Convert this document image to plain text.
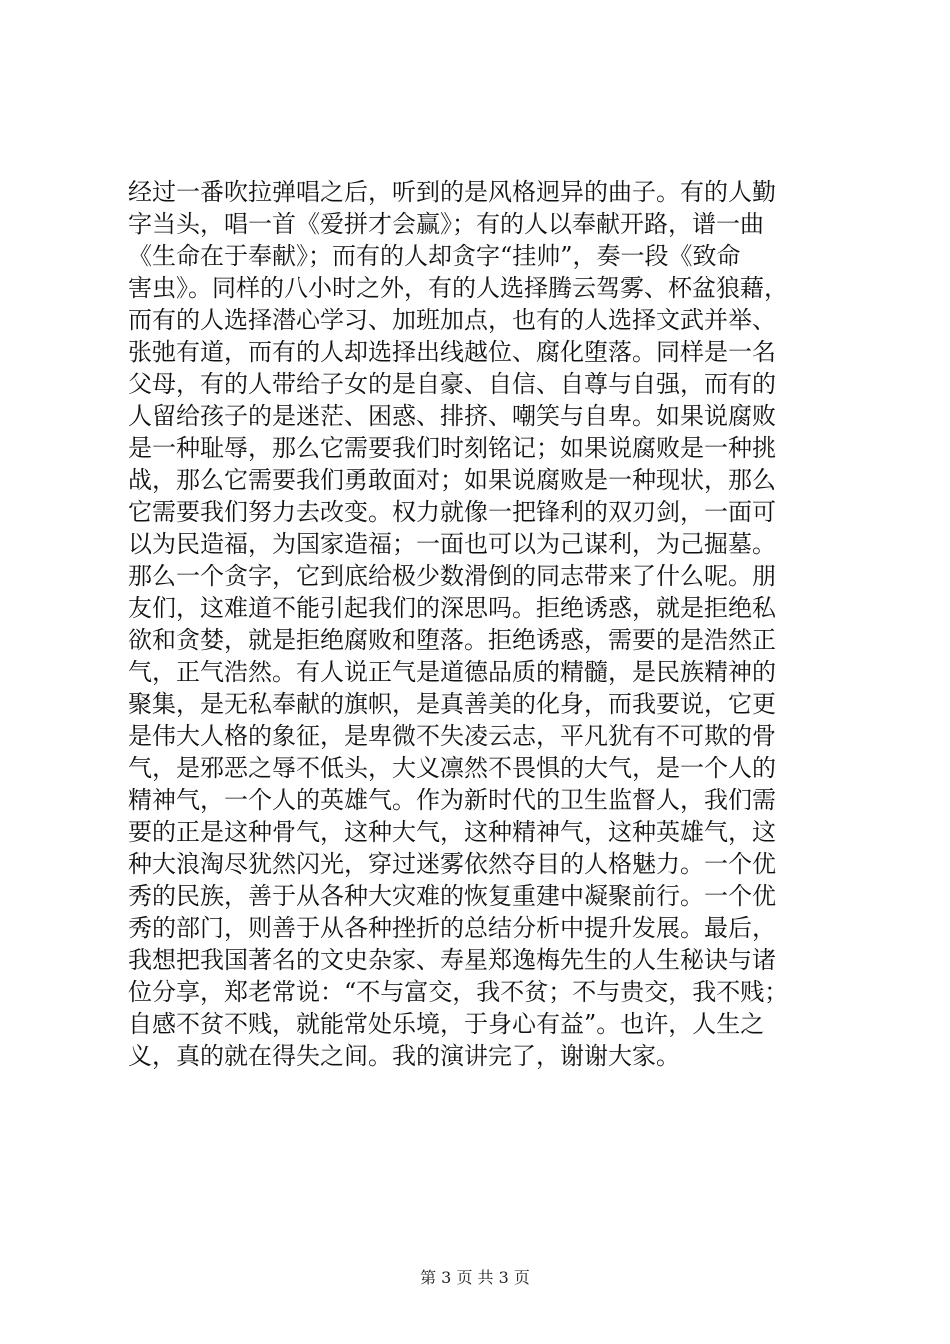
经过一番吹拉弹唱之后，听到的是风格迥异的曲子。有的人勤
字当头，唱一首《爱拼才会赢》；有的人以奉献开路，谱一曲
《生命在于奉献》；而有的人却贪字“挂帅”，奏一段《致命
害虫》。同样的八小时之外，有的人选择腾云驾雾、杯盆狼藉，
而有的人选择潜心学习、加班加点，也有的人选择文武并举、
张弛有道，而有的人却选择出线越位、腐化堕落。同样是一名
父母，有的人带给子女的是自豪、自信、自尊与自强，而有的
人留给孩子的是迷茫、困惑、排挤、嘲笑与自卑。如果说腐败
是一种耻辱，那么它需要我们时刻铭记；如果说腐败是一种挑
战，那么它需要我们勇敢面对；如果说腐败是一种现状，那么
它需要我们努力去改变。权力就像一把锋利的双刃剑，一面可
以为民造福，为国家造福；一面也可以为己谋利，为己掘墓。
那么一个贪字，它到底给极少数滑倒的同志带来了什么呢。朋
友们，这难道不能引起我们的深思吗。拒绝诱惑，就是拒绝私
欲和贪婪，就是拒绝腐败和堕落。拒绝诱惑，需要的是浩然正
气，正气浩然。有人说正气是道德品质的精髓，是民族精神的
聚集，是无私奉献的旗帜，是真善美的化身，而我要说，它更
是伟大人格的象征，是卑微不失凌云志，平凡犹有不可欺的骨
气，是邪恶之辱不低头，大义凛然不畏惧的大气，是一个人的
精神气，一个人的英雄气。作为新时代的卫生监督人，我们需
要的正是这种骨气，这种大气，这种精神气，这种英雄气，这
种大浪淘尽犹然闪光，穿过迷雾依然夺目的人格魅力。一个优
秀的民族，善于从各种大灾难的恢复重建中凝聚前行。一个优
秀的部门，则善于从各种挫折的总结分析中提升发展。最后，
我想把我国著名的文史杂家、寿星郑逸梅先生的人生秘诀与诸
位分享，郑老常说：“不与富交，我不贫；不与贵交，我不贱；
自感不贫不贱，就能常处乐境，于身心有益”。也许，人生之
义，真的就在得失之间。我的演讲完了，谢谢大家。
第 3 页 共 3 页
